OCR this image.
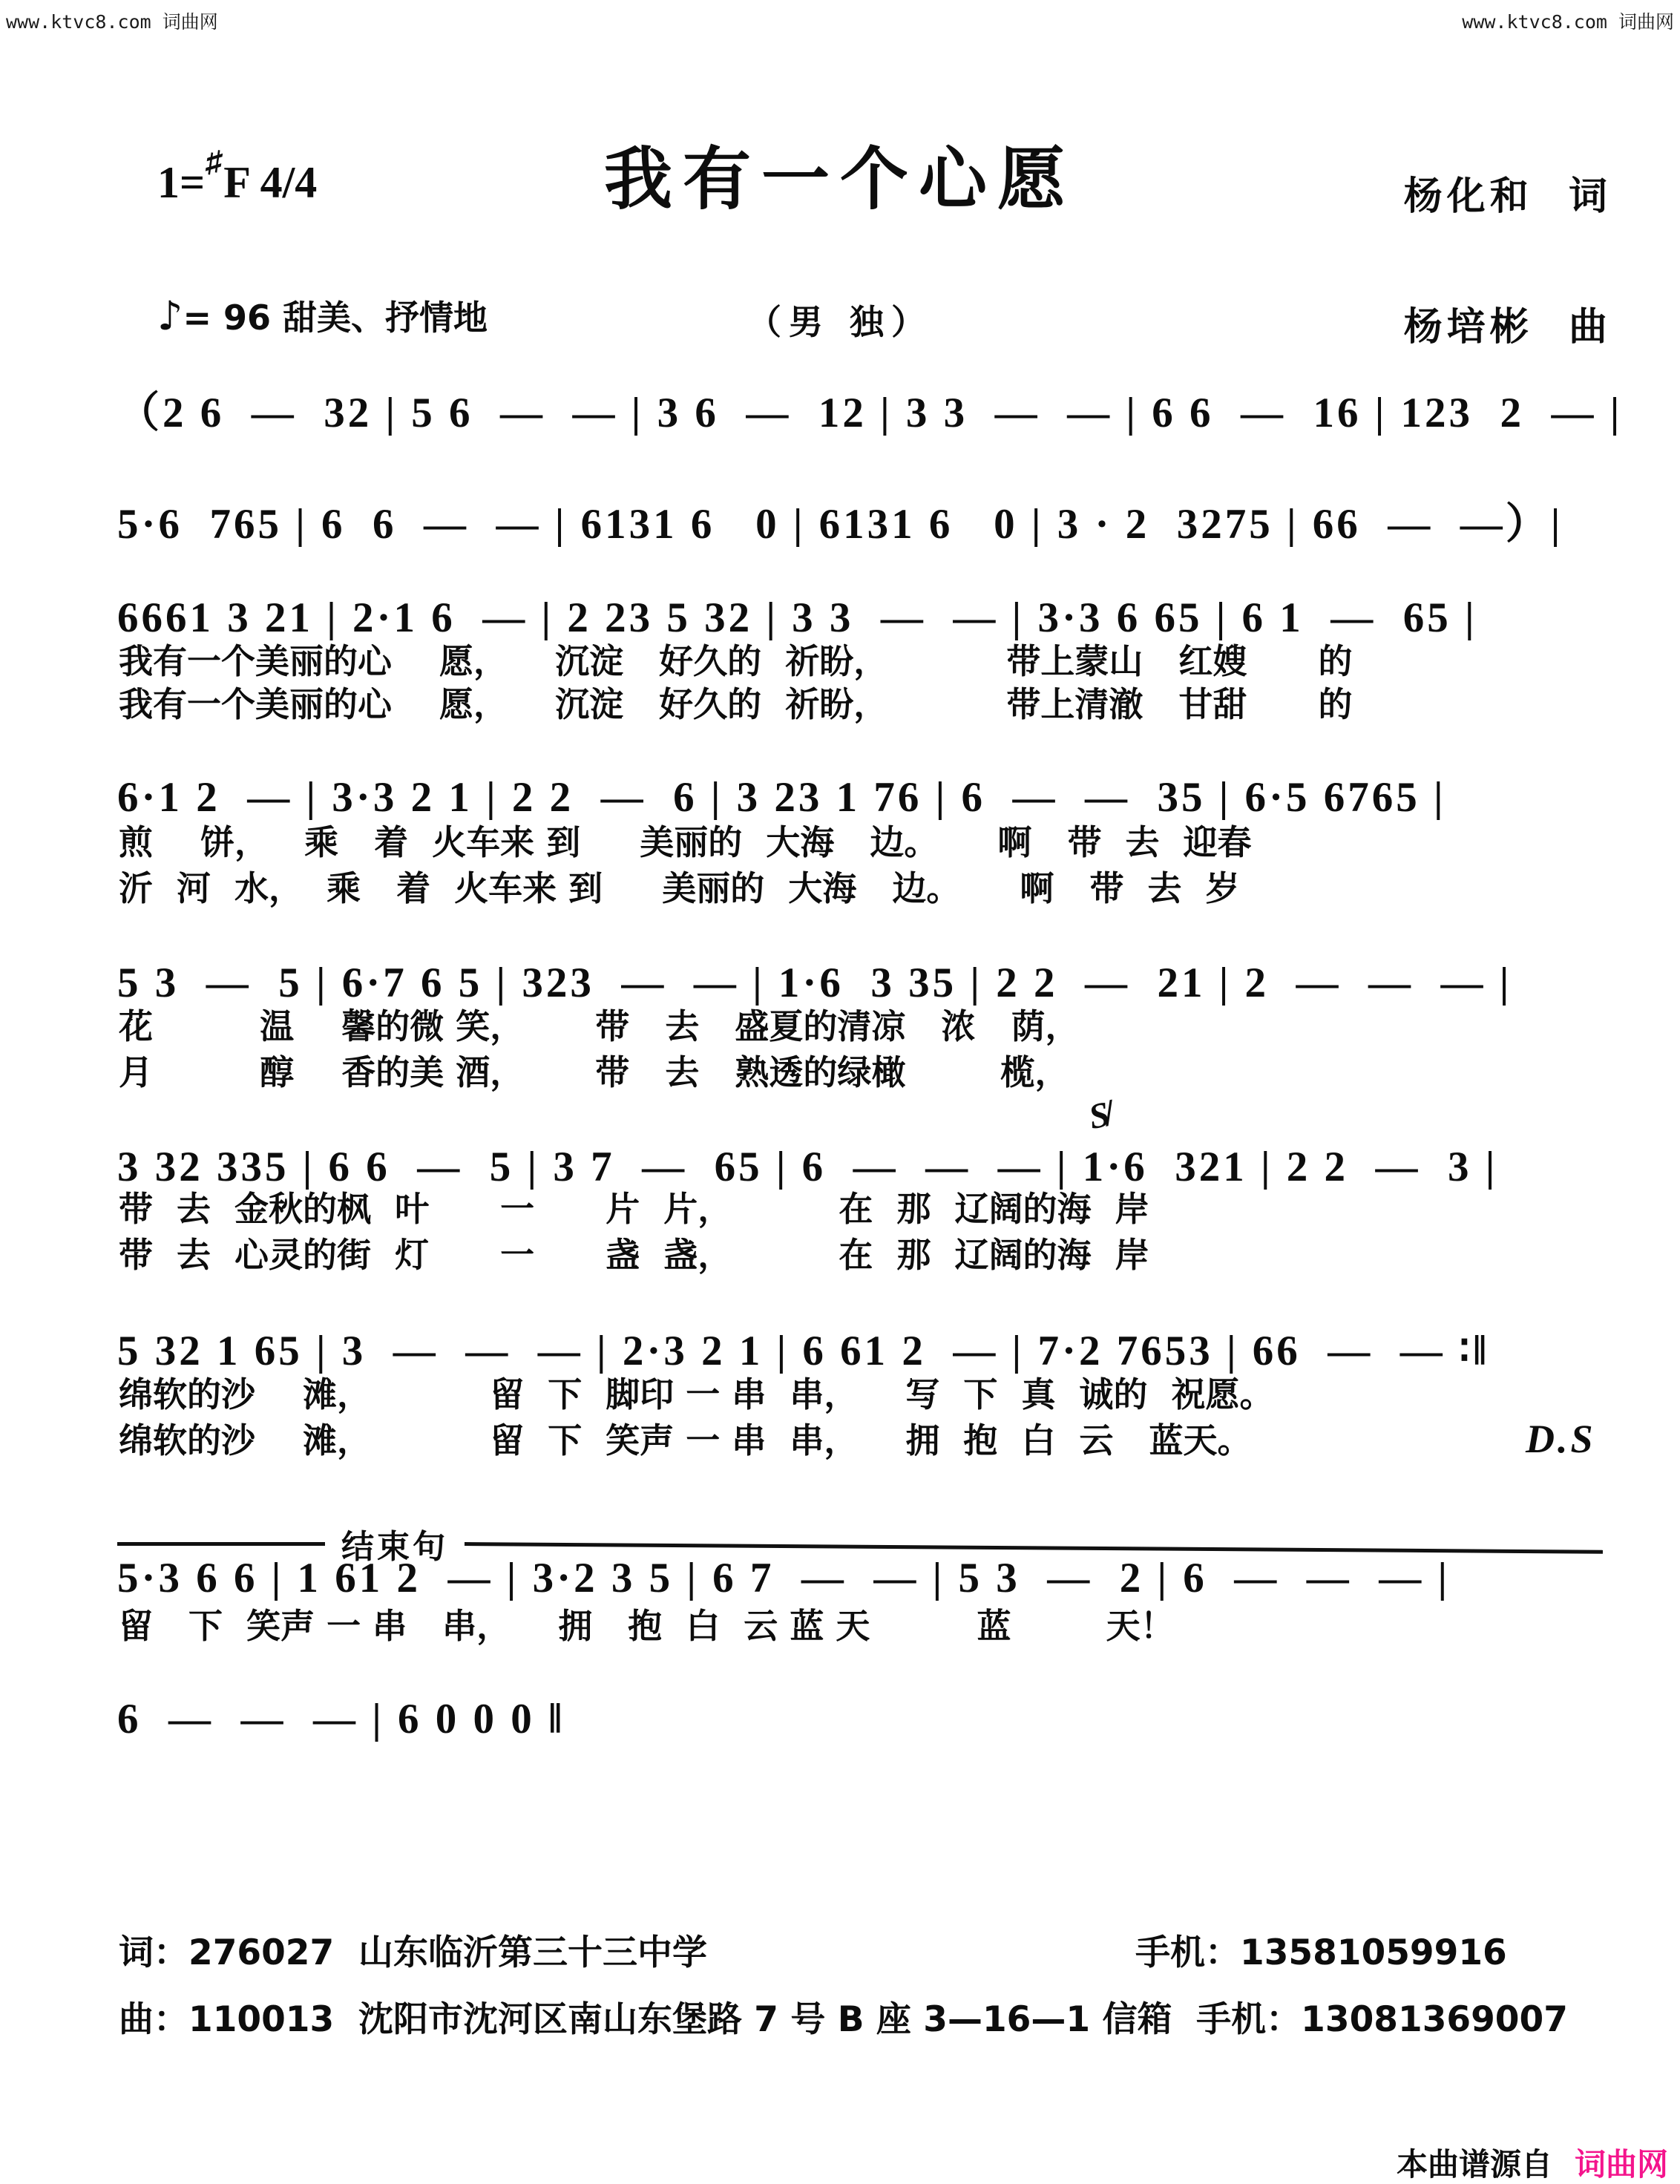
www.ktvc8.com 词曲网	www.ktvc8.com 词曲网
1=♯F 4/4	我有一个心愿	杨化和  词
杨培彬  曲
♪= 96 甜美、抒情地	（男 独）
（2 6  —  32 | 5 6  —  — | 3 6  —  12 | 3 3  —  — | 6 6  —  16 | 123  2  — |
5·6  765 | 6  6  —  — | 6131 6   0 | 6131 6   0 | 3 · 2  3275 | 66  —  —）|
6661 3 21 | 2·1 6  — | 2 23 5 32 | 3 3  —  — | 3·3 6 65 | 6 1  —  65 |
我有一个美丽的心    愿，    沉淀   好久的  祈盼，          带上蒙山   红嫂      的
我有一个美丽的心    愿，    沉淀   好久的  祈盼，          带上清澈   甘甜      的
6·1 2  — | 3·3 2 1 | 2 2  —  6 | 3 23 1 76 | 6  —  —  35 | 6·5 6765 |
煎    饼，   乘   着  火车来 到     美丽的  大海   边。     啊   带  去  迎春
沂  河  水，  乘   着  火车来 到     美丽的  大海   边。     啊   带  去  岁
5 3  —  5 | 6·7 6 5 | 323  —  — | 1·6  3 35 | 2 2  —  21 | 2  —  —  — |
花         温    馨的微 笑，      带   去   盛夏的清凉   浓   荫，
月         醇    香的美 酒，      带   去   熟透的绿橄        榄，
S̸
3 32 335 | 6 6  —  5 | 3 7  —  65 | 6  —  —  — | 1·6  321 | 2 2  —  3 |
带  去  金秋的枫  叶      一      片  片，         在  那  辽阔的海  岸
带  去  心灵的街  灯      一      盏  盏，         在  那  辽阔的海  岸
5 32 1 65 | 3  —  —  — | 2·3 2 1 | 6 61 2  — | 7·2 7653 | 66  —  — ∶‖
绵软的沙    滩，          留  下  脚印 一 串  串，    写  下  真  诚的  祝愿。
绵软的沙    滩，          留  下  笑声 一 串  串，    拥  抱  白  云   蓝天。	D.S
结束句
5·3 6 6 | 1 61 2  — | 3·2 3 5 | 6 7  —  — | 5 3  —  2 | 6  —  —  — |
留   下  笑声 一 串   串，    拥   抱  白  云 蓝 天         蓝        天！
6  —  —  — | 6 0 0 0 ‖
词：276027  山东临沂第三十三中学	手机：13581059916
曲：110013  沈阳市沈河区南山东堡路 7 号 B 座 3—16—1 信箱  手机：13081369007
本曲谱源自 词曲网
